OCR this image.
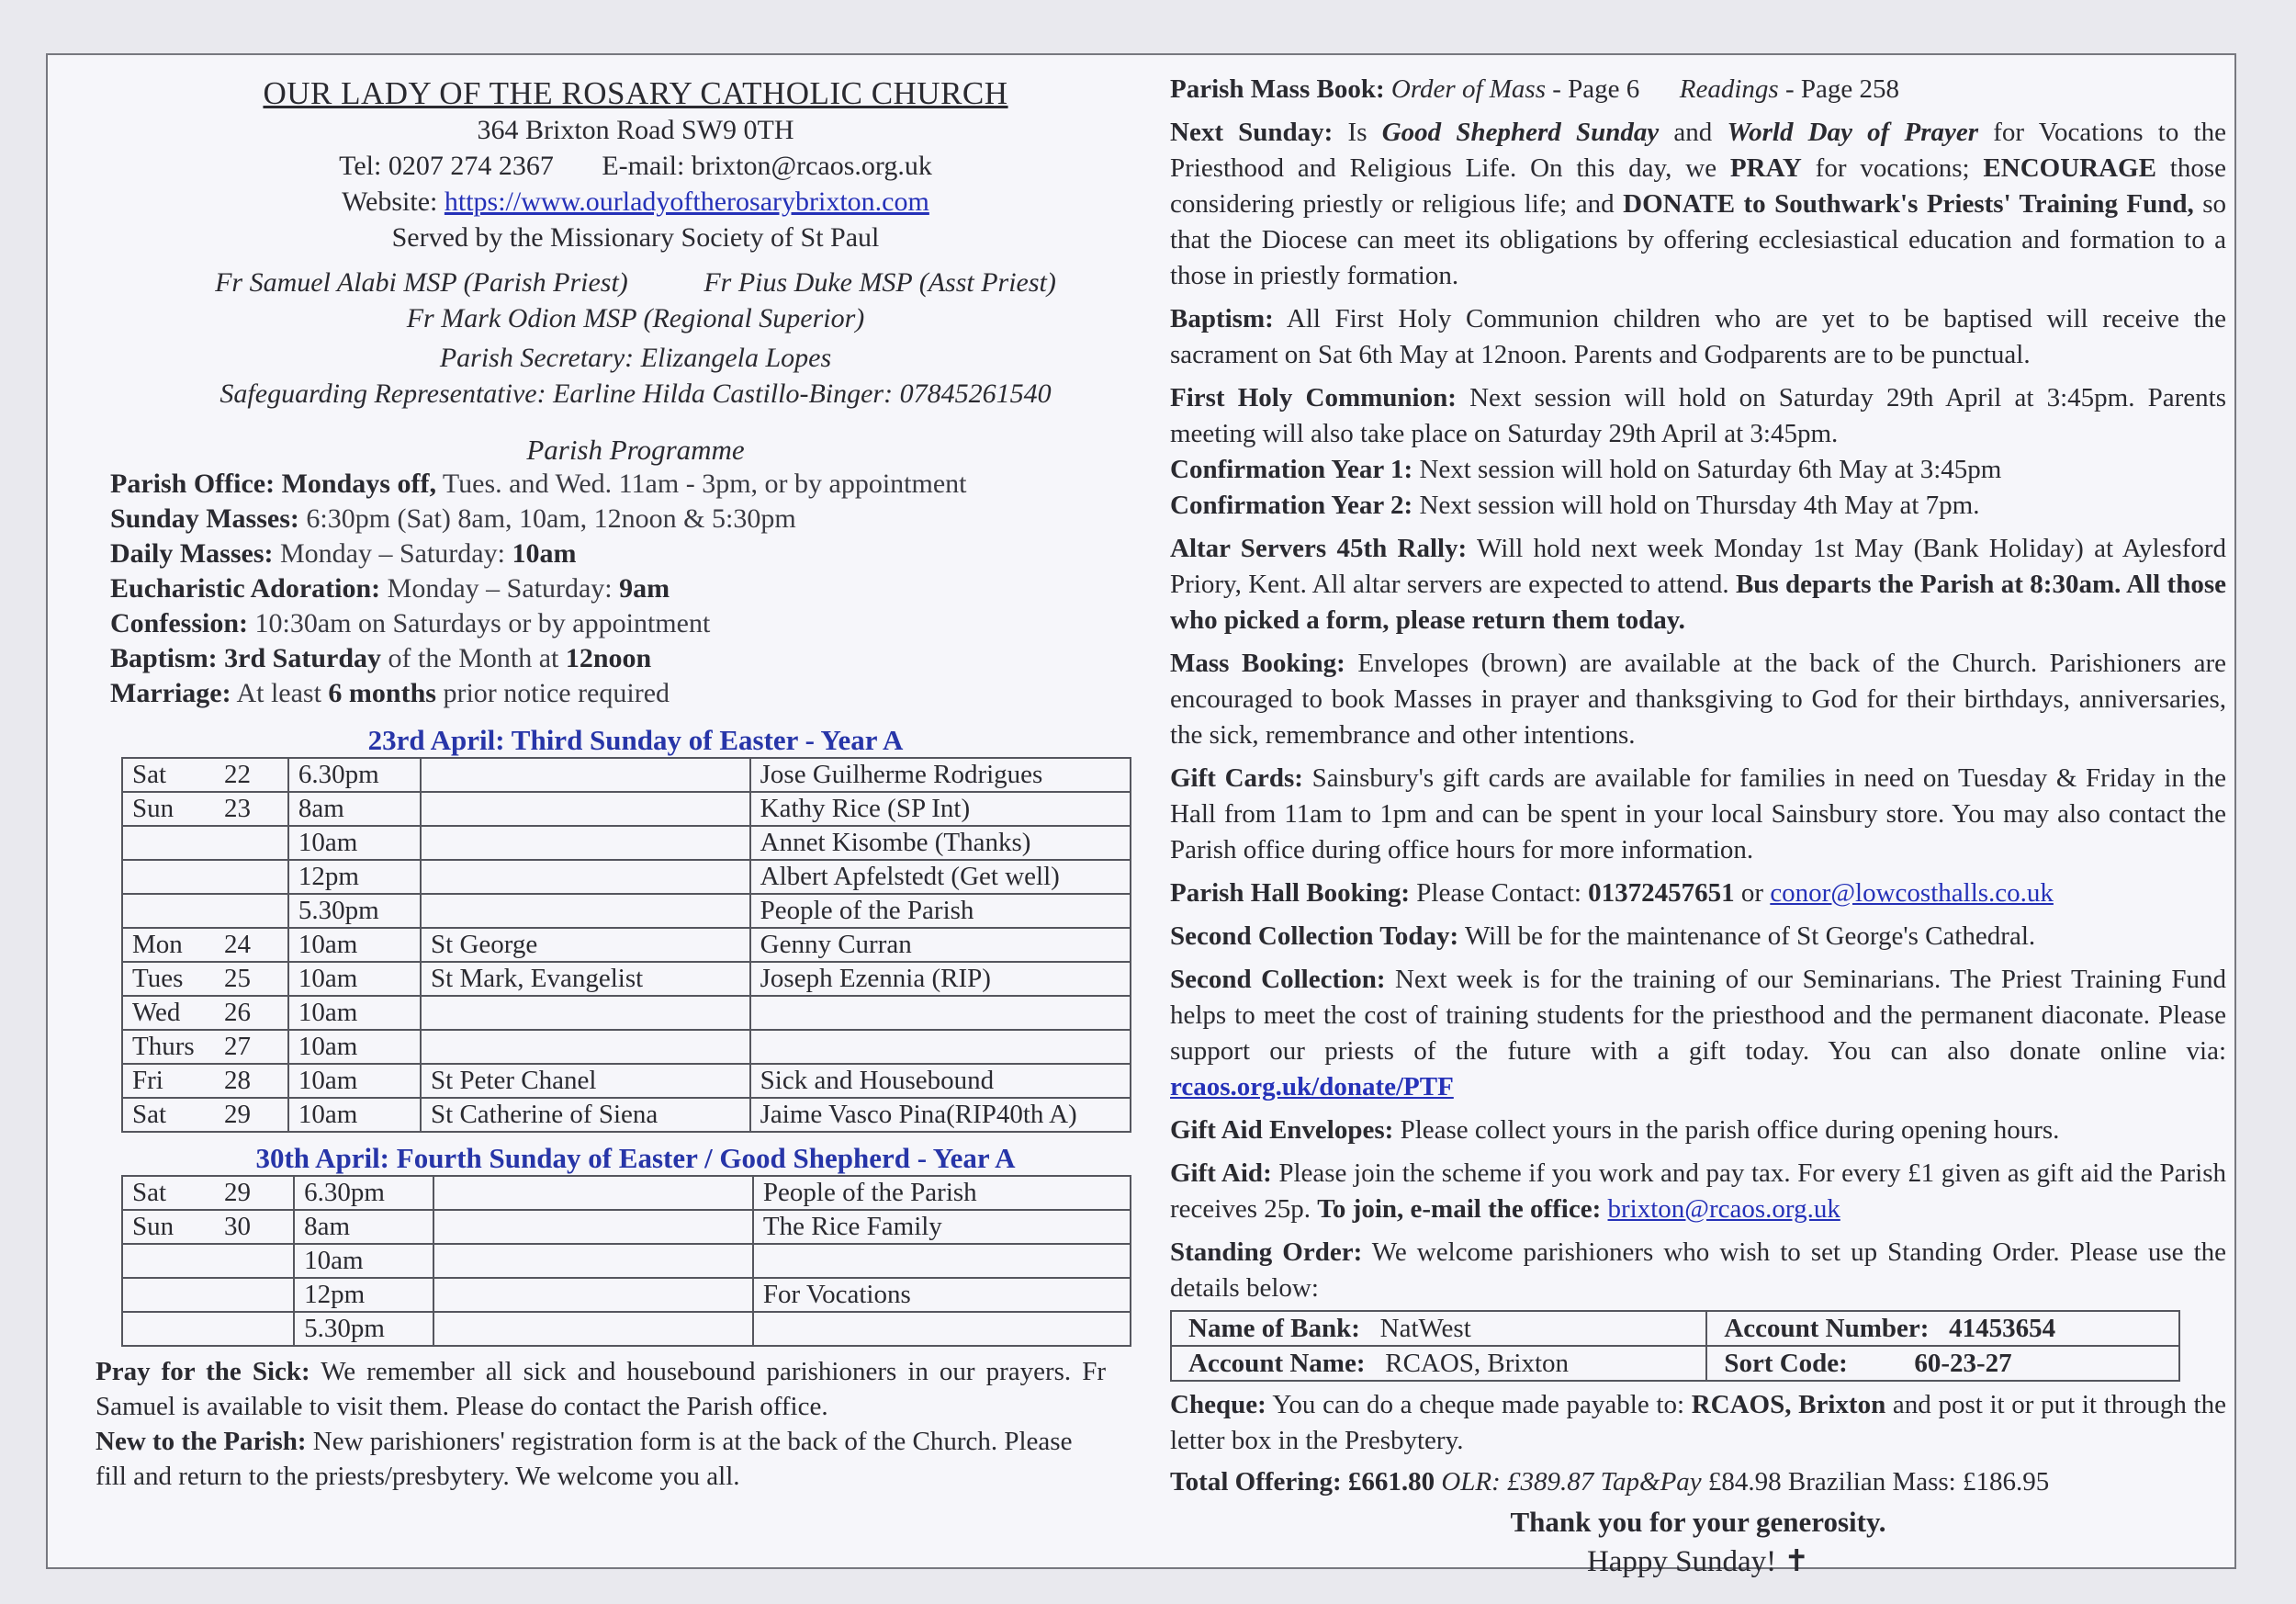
OUR LADY OF THE ROSARY CATHOLIC CHURCH
364 Brixton Road SW9 0TH
Tel: 0207 274 2367 E-mail: brixton@rcaos.org.uk
Website: https://www.ourladyoftherosarybrixton.com
Served by the Missionary Society of St Paul
Fr Samuel Alabi MSP (Parish Priest)	Fr Pius Duke MSP (Asst Priest)
Fr Mark Odion MSP (Regional Superior)
Parish Secretary: Elizangela Lopes
Safeguarding Representative: Earline Hilda Castillo-Binger: 07845261540
Parish Programme

Parish Office: Mondays off, Tues. and Wed. 11am - 3pm, or by appointment

Sunday Masses: 6:30pm (Sat) 8am, 10am, 12noon & 5:30pm

Daily Masses: Monday – Saturday: 10am

Eucharistic Adoration: Monday – Saturday: 9am

Confession: 10:30am on Saturdays or by appointment

Baptism: 3rd Saturday of the Month at 12noon

Marriage: At least 6 months prior notice required

23rd April: Third Sunday of Easter - Year A
Sat 22	6.30pm		Jose Guilherme Rodrigues
Sun 23	8am		Kathy Rice (SP Int)
	10am		Annet Kisombe (Thanks)
	12pm		Albert Apfelstedt (Get well)
	5.30pm		People of the Parish
Mon 24	10am	St George	Genny Curran
Tues 25	10am	St Mark, Evangelist	Joseph Ezennia (RIP)
Wed 26	10am		
Thurs 27	10am		
Fri 28	10am	St Peter Chanel	Sick and Housebound
Sat 29	10am	St Catherine of Siena	Jaime Vasco Pina(RIP40th A)
30th April: Fourth Sunday of Easter / Good Shepherd - Year A
Sat 29	6.30pm		People of the Parish
Sun 30	8am		The Rice Family
	10am		
	12pm		For Vocations
	5.30pm		

Pray for the Sick: We remember all sick and housebound parishioners in our prayers. Fr Samuel is available to visit them. Please do contact the Parish office.

New to the Parish: New parishioners' registration form is at the back of the Church. Please fill and return to the priests/presbytery. We welcome you all.

Parish Mass Book: Order of Mass - Page 6 Readings - Page 258

Next Sunday: Is Good Shepherd Sunday and World Day of Prayer for Vocations to the Priesthood and Religious Life. On this day, we PRAY for vocations; ENCOURAGE those considering priestly or religious life; and DONATE to Southwark's Priests' Training Fund, so that the Diocese can meet its obligations by offering ecclesiastical education and formation to a those in priestly formation.

Baptism: All First Holy Communion children who are yet to be baptised will receive the sacrament on Sat 6th May at 12noon. Parents and Godparents are to be punctual.

First Holy Communion: Next session will hold on Saturday 29th April at 3:45pm. Parents meeting will also take place on Saturday 29th April at 3:45pm.

Confirmation Year 1: Next session will hold on Saturday 6th May at 3:45pm

Confirmation Year 2: Next session will hold on Thursday 4th May at 7pm.

Altar Servers 45th Rally: Will hold next week Monday 1st May (Bank Holiday) at Aylesford Priory, Kent. All altar servers are expected to attend. Bus departs the Parish at 8:30am. All those who picked a form, please return them today.

Mass Booking: Envelopes (brown) are available at the back of the Church. Parishioners are encouraged to book Masses in prayer and thanksgiving to God for their birthdays, anniversaries, the sick, remembrance and other intentions.

Gift Cards: Sainsbury's gift cards are available for families in need on Tuesday & Friday in the Hall from 11am to 1pm and can be spent in your local Sainsbury store. You may also contact the Parish office during office hours for more information.

Parish Hall Booking: Please Contact: 01372457651 or conor@lowcosthalls.co.uk

Second Collection Today: Will be for the maintenance of St George's Cathedral.

Second Collection: Next week is for the training of our Seminarians. The Priest Training Fund helps to meet the cost of training students for the priesthood and the permanent diaconate. Please support our priests of the future with a gift today. You can also donate online via: rcaos.org.uk/donate/PTF

Gift Aid Envelopes: Please collect yours in the parish office during opening hours.

Gift Aid: Please join the scheme if you work and pay tax. For every £1 given as gift aid the Parish receives 25p. To join, e-mail the office: brixton@rcaos.org.uk

Standing Order: We welcome parishioners who wish to set up Standing Order. Please use the details below:

Name of Bank: NatWest	Account Number: 41453654
Account Name: RCAOS, Brixton	Sort Code: 60-23-27

Cheque: You can do a cheque made payable to: RCAOS, Brixton and post it or put it through the letter box in the Presbytery.

Total Offering: £661.80 OLR: £389.87 Tap&Pay £84.98 Brazilian Mass: £186.95

Thank you for your generosity.
Happy Sunday! ✝
